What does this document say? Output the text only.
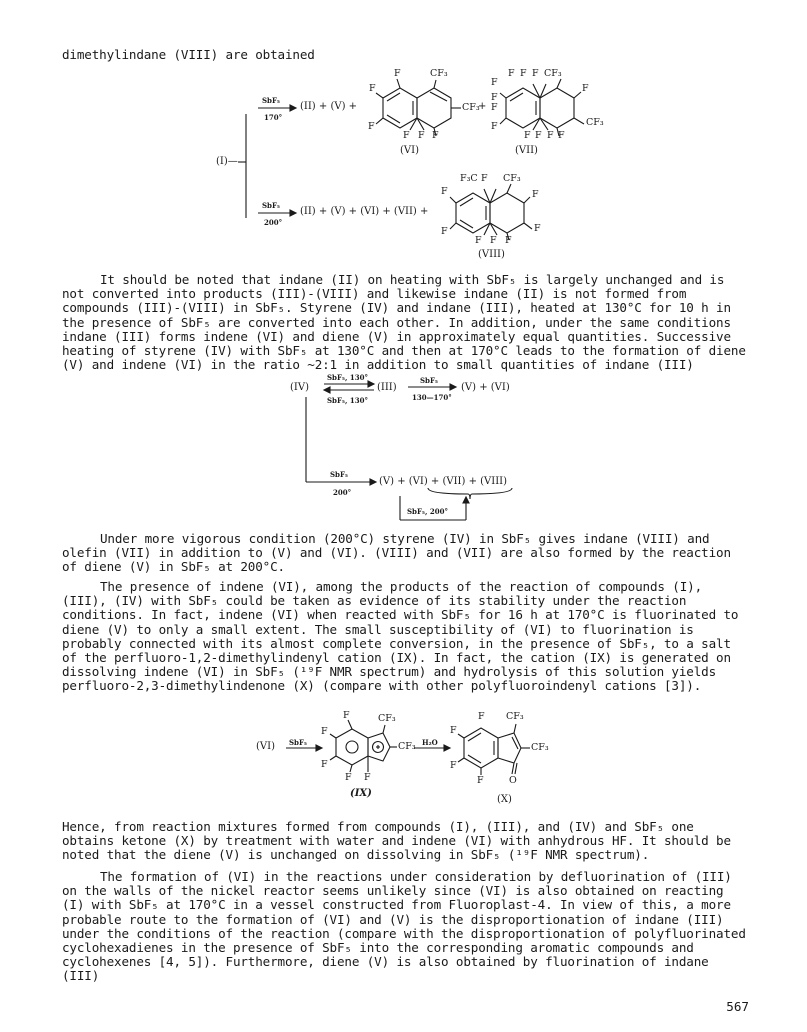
dimethylindane (VIII) are obtained
(I)—
SbF₅
170°
(II) + (V) +	+
F	CF₃
F
CF₃
F
F F F
(VI)
F F F CF₃
F
F
F
F
CF₃
F
F F F F
(VII)
SbF₅
200°
(II) + (V) + (VI) + (VII) +
F₃C F CF₃
F	F
F
F
F F F
(VIII)
It should be noted that indane (II) on heating with SbF₅ is largely unchanged and is not converted into products (III)-(VIII) and likewise indane (II) is not formed from compounds (III)-(VIII) in SbF₅. Styrene (IV) and indane (III), heated at 130°C for 10 h in the presence of SbF₅ are converted into each other. In addition, under the same conditions indane (III) forms indene (VI) and diene (V) in approximately equal quantities. Successive heating of styrene (IV) with SbF₅ at 130°C and then at 170°C leads to the formation of diene (V) and indene (VI) in the ratio ~2:1 in addition to small quantities of indane (III)
(IV)
SbF₅, 130°
SbF₅, 130°
(III)
SbF₅
130—170°
(V) + (VI)
SbF₅
200°
(V) + (VI) + (VII) + (VIII)
SbF₅, 200°
Under more vigorous condition (200°C) styrene (IV) in SbF₅ gives indane (VIII) and olefin (VII) in addition to (V) and (VI). (VIII) and (VII) are also formed by the reaction of diene (V) in SbF₅ at 200°C.
The presence of indene (VI), among the products of the reaction of compounds (I), (III), (IV) with SbF₅ could be taken as evidence of its stability under the reaction conditions. In fact, indene (VI) when reacted with SbF₅ for 16 h at 170°C is fluorinated to diene (V) to only a small extent. The small susceptibility of (VI) to fluorination is probably connected with its almost complete conversion, in the presence of SbF₅, to a salt of the perfluoro-1,2-dimethylindenyl cation (IX). In fact, the cation (IX) is generated on dissolving indene (VI) in SbF₅ (¹⁹F NMR spectrum) and hydrolysis of this solution yields perfluoro-2,3-dimethylindenone (X) (compare with other polyfluoroindenyl cations [3]).
(VI) SbF₅
F	CF₃
F
CF₃
F
F F
(IX)
H₂O
F CF₃
F
CF₃
F
F	O
(X)
Hence, from reaction mixtures formed from compounds (I), (III), and (IV) and SbF₅ one obtains ketone (X) by treatment with water and indene (VI) with anhydrous HF. It should be noted that the diene (V) is unchanged on dissolving in SbF₅ (¹⁹F NMR spectrum).
The formation of (VI) in the reactions under consideration by defluorination of (III) on the walls of the nickel reactor seems unlikely since (VI) is also obtained on reacting (I) with SbF₅ at 170°C in a vessel constructed from Fluoroplast-4. In view of this, a more probable route to the formation of (VI) and (V) is the disproportionation of indane (III) under the conditions of the reaction (compare with the disproportionation of polyfluorinated cyclohexadienes in the presence of SbF₅ into the corresponding aromatic compounds and cyclohexenes [4, 5]). Furthermore, diene (V) is also obtained by fluorination of indane (III)
567
